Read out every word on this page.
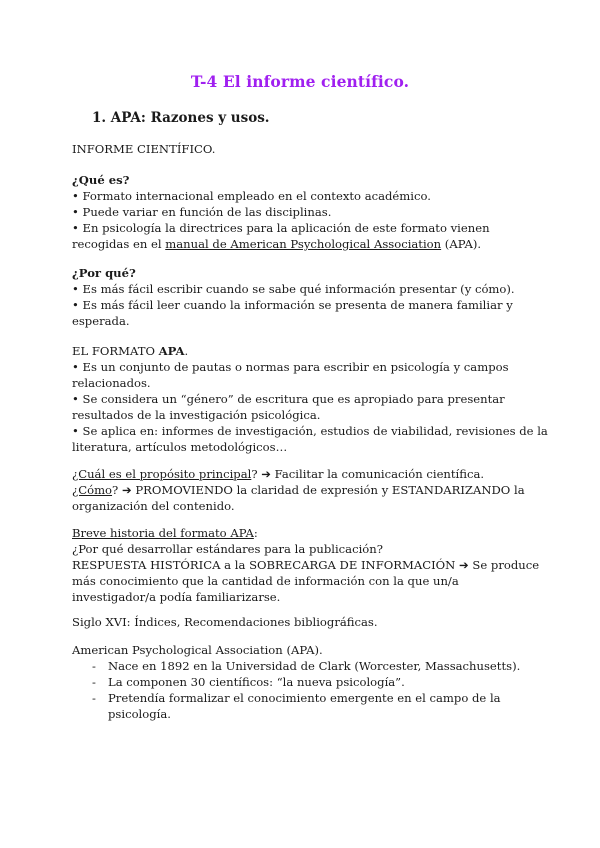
T-4 El informe científico.
1. APA: Razones y usos.
INFORME CIENTÍFICO.
¿Qué es?
• Formato internacional empleado en el contexto académico.
• Puede variar en función de las disciplinas.
• En psicología la directrices para la aplicación de este formato vienen
recogidas en el manual de American Psychological Association (APA).
¿Por qué?
• Es más fácil escribir cuando se sabe qué información presentar (y cómo).
• Es más fácil leer cuando la información se presenta de manera familiar y
esperada.
EL FORMATO APA.
• Es un conjunto de pautas o normas para escribir en psicología y campos
relacionados.
• Se considera un “género” de escritura que es apropiado para presentar
resultados de la investigación psicológica.
• Se aplica en: informes de investigación, estudios de viabilidad, revisiones de la
literatura, artículos metodológicos…
¿Cuál es el propósito principal? ➔ Facilitar la comunicación científica.
¿Cómo? ➔ PROMOVIENDO la claridad de expresión y ESTANDARIZANDO la
organización del contenido.
Breve historia del formato APA:
¿Por qué desarrollar estándares para la publicación?
RESPUESTA HISTÓRICA a la SOBRECARGA DE INFORMACIÓN ➔ Se produce
más conocimiento que la cantidad de información con la que un/a
investigador/a podía familiarizarse.
Siglo XVI: Índices, Recomendaciones bibliográficas.
American Psychological Association (APA).
- Nace en 1892 en la Universidad de Clark (Worcester, Massachusetts).
- La componen 30 científicos: “la nueva psicología”.
- Pretendía formalizar el conocimiento emergente en el campo de la
psicología.
